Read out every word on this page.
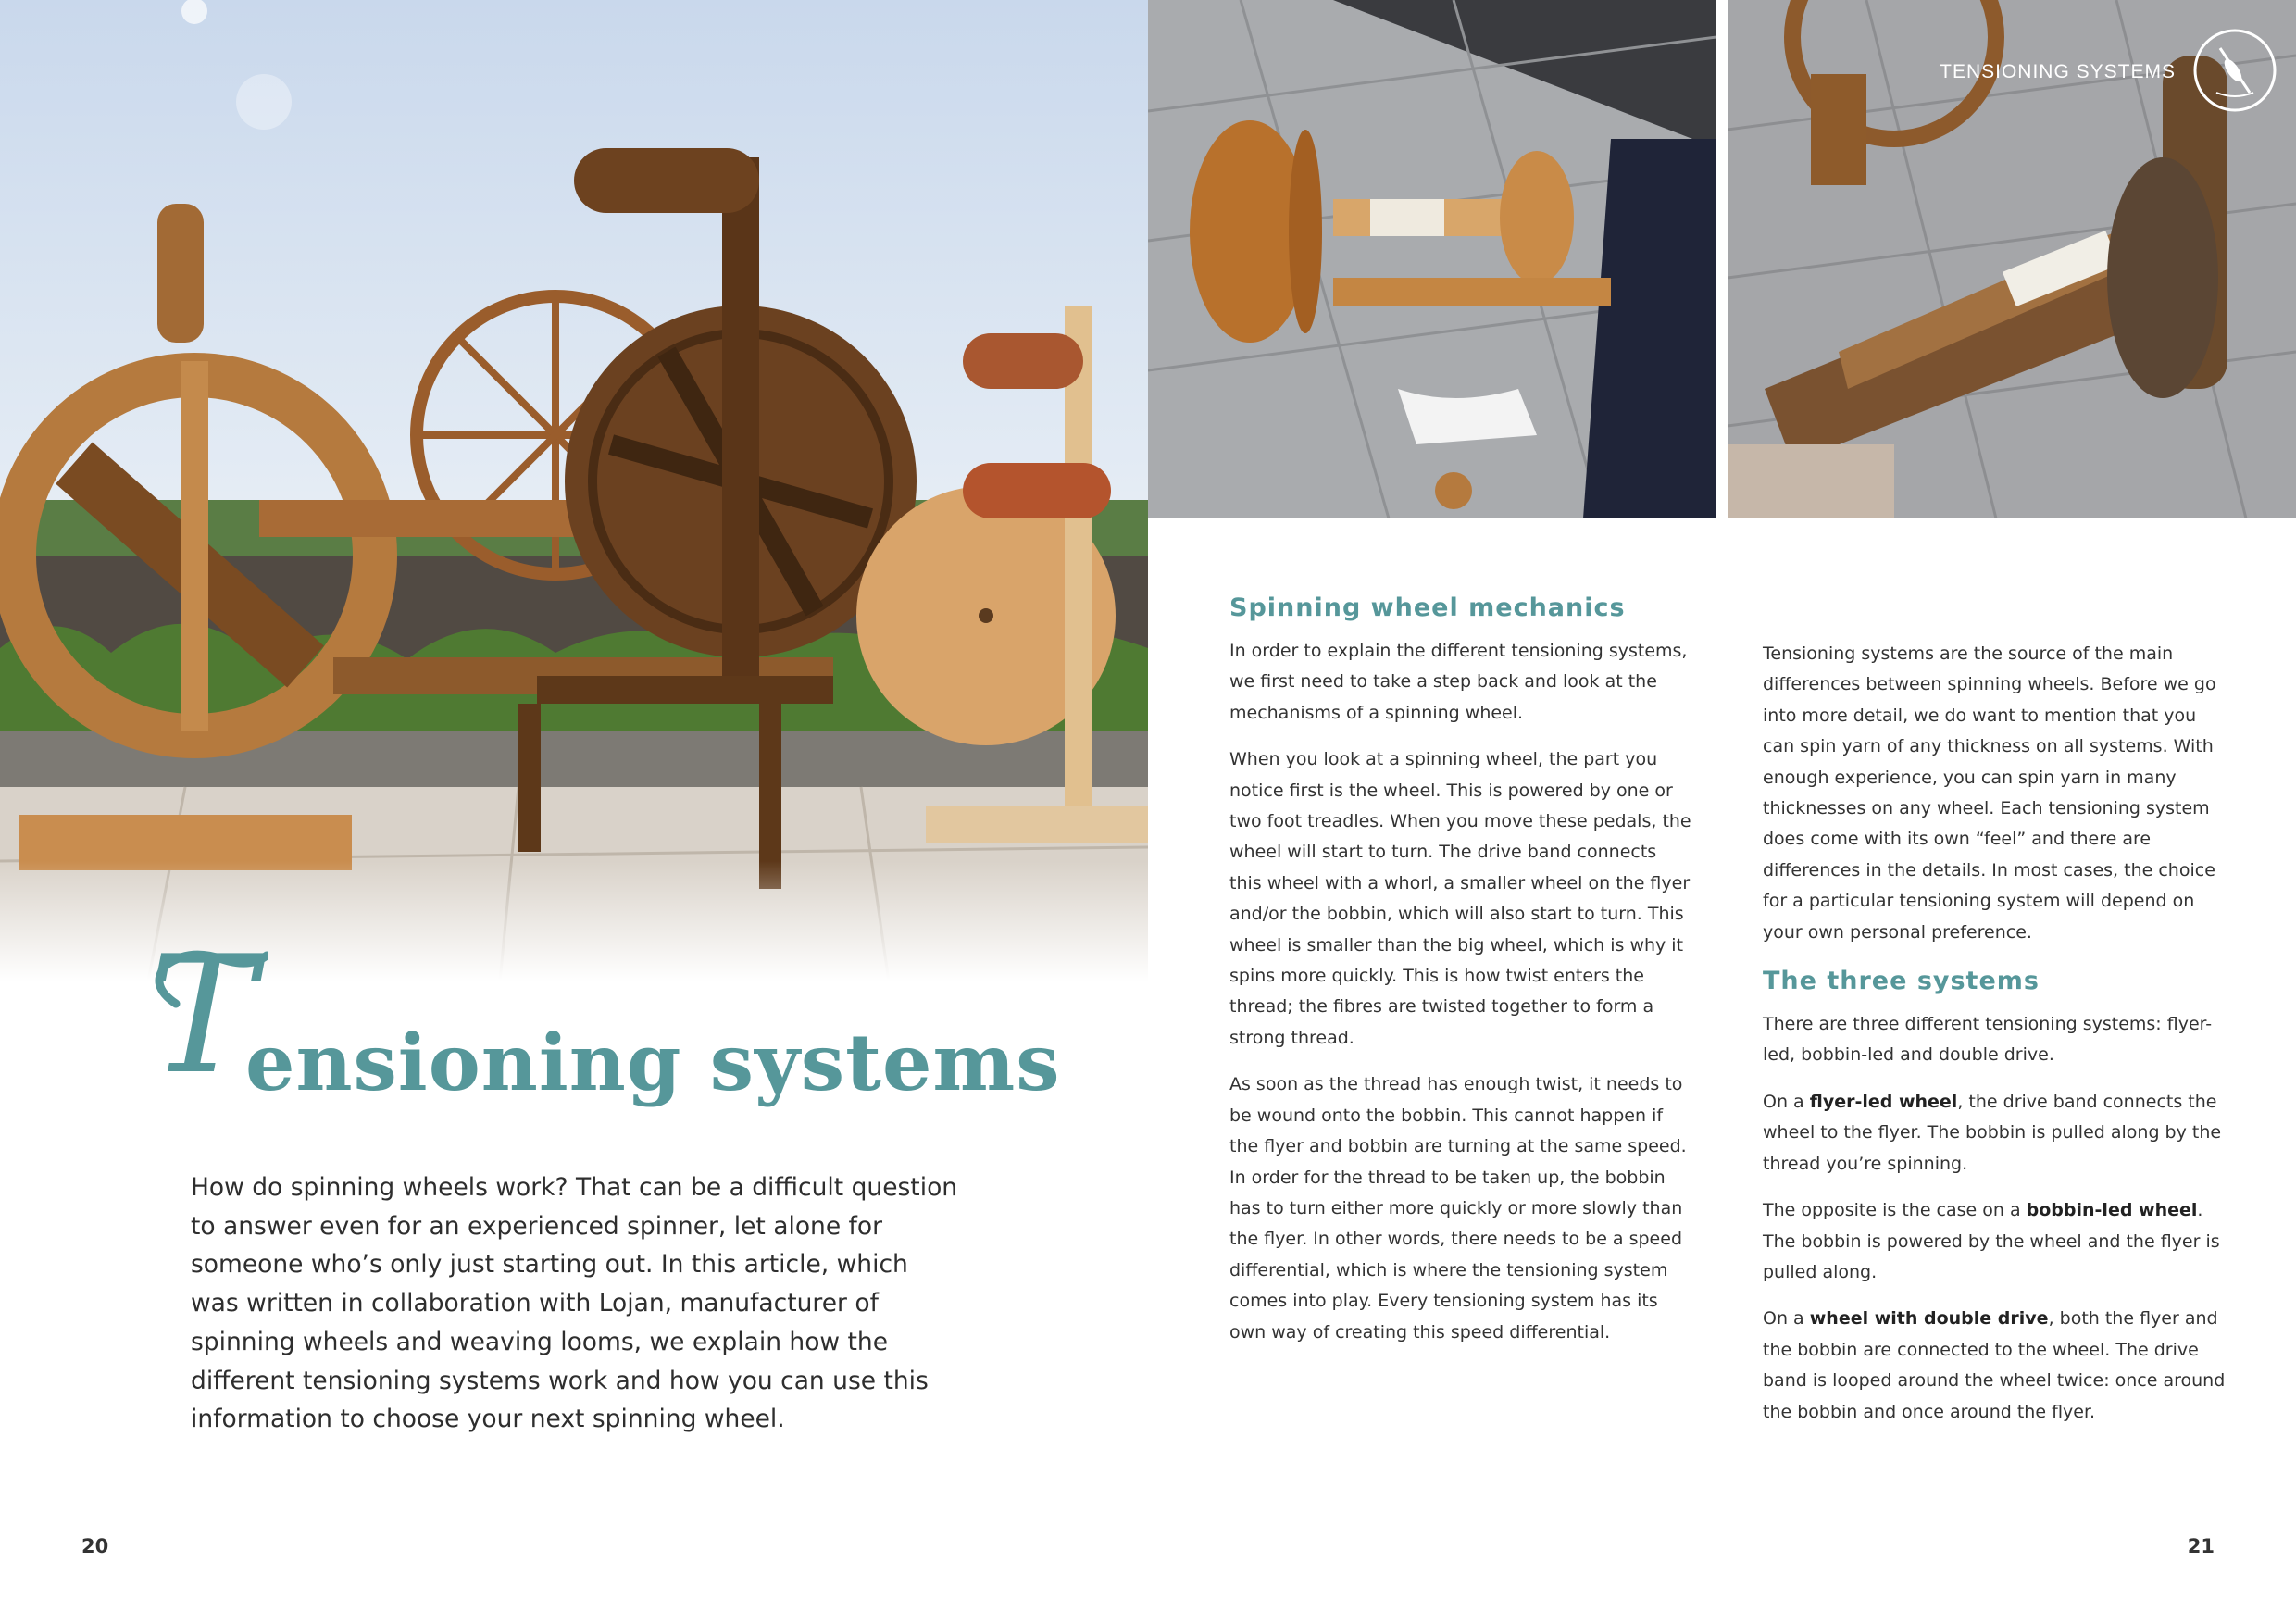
TENSIONING SYSTEMS
T
ensioning systems

How do spinning wheels work? That can be a difficult question to answer even for an experienced spinner, let alone for someone who’s only just starting out. In this article, which was written in collaboration with Lojan, manufacturer of spinning wheels and weaving looms, we explain how the different tensioning systems work and how you can use this information to choose your next spinning wheel.

Spinning wheel mechanics

In order to explain the different tensioning systems, we first need to take a step back and look at the mechanisms of a spinning wheel.

When you look at a spinning wheel, the part you notice first is the wheel. This is powered by one or two foot treadles. When you move these pedals, the wheel will start to turn. The drive band connects this wheel with a whorl, a smaller wheel on the flyer and/or the bobbin, which will also start to turn. This wheel is smaller than the big wheel, which is why it spins more quickly. This is how twist enters the thread; the fibres are twisted together to form a strong thread.

As soon as the thread has enough twist, it needs to be wound onto the bobbin. This cannot happen if the flyer and bobbin are turning at the same speed. In order for the thread to be taken up, the bobbin has to turn either more quickly or more slowly than the flyer. In other words, there needs to be a speed differential, which is where the tensioning system comes into play. Every tensioning system has its own way of creating this speed differential.

Tensioning systems are the source of the main differences between spinning wheels. Before we go into more detail, we do want to mention that you can spin yarn of any thickness on all systems. With enough experience, you can spin yarn in many thicknesses on any wheel. Each tensioning system does come with its own “feel” and there are differences in the details. In most cases, the choice for a particular tensioning system will depend on your own personal preference.

The three systems

There are three different tensioning systems: flyer-led, bobbin-led and double drive.

On a flyer-led wheel, the drive band connects the wheel to the flyer. The bobbin is pulled along by the thread you’re spinning.

The opposite is the case on a bobbin-led wheel. The bobbin is powered by the wheel and the flyer is pulled along.

On a wheel with double drive, both the flyer and the bobbin are connected to the wheel. The drive band is looped around the wheel twice: once around the bobbin and once around the flyer.

20	21
